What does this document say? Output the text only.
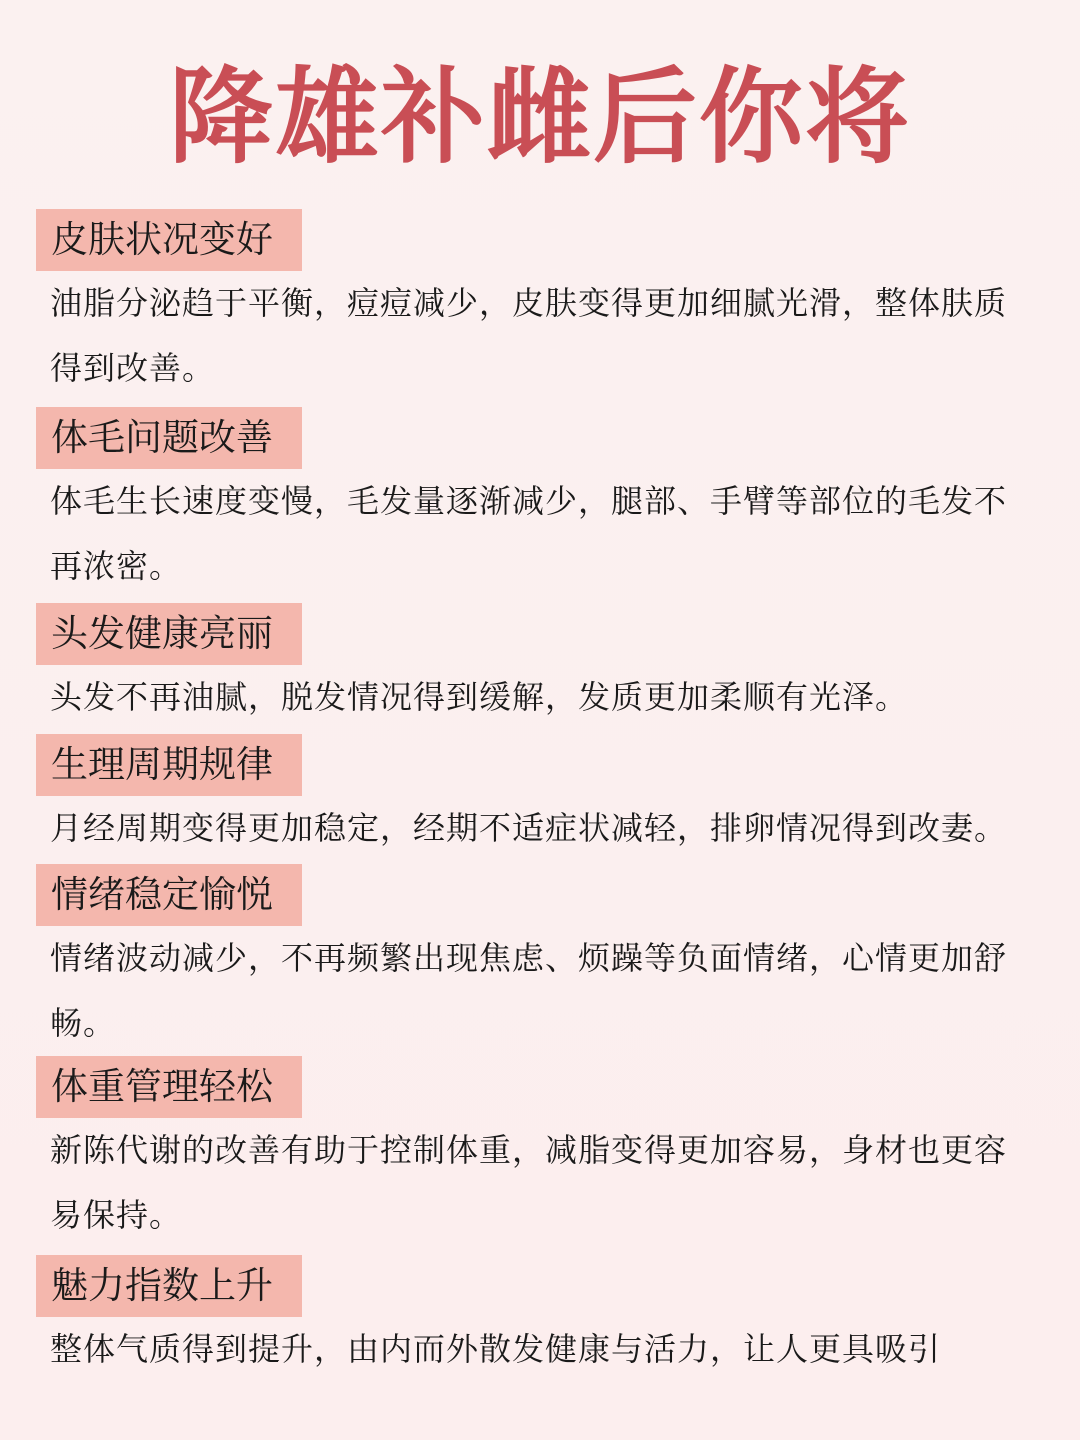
降雄补雌后你将
皮肤状况变好

油脂分泌趋于平衡，痘痘减少，皮肤变得更加细腻光滑，整体肤质得到改善。

体毛问题改善

体毛生长速度变慢，毛发量逐渐减少，腿部、手臂等部位的毛发不再浓密。

头发健康亮丽

头发不再油腻，脱发情况得到缓解，发质更加柔顺有光泽。

生理周期规律

月经周期变得更加稳定，经期不适症状减轻，排卵情况得到改妻。

情绪稳定愉悦

情绪波动减少，不再频繁出现焦虑、烦躁等负面情绪，心情更加舒畅。

体重管理轻松

新陈代谢的改善有助于控制体重，减脂变得更加容易，身材也更容易保持。

魅力指数上升

整体气质得到提升，由内而外散发健康与活力，让人更具吸引
